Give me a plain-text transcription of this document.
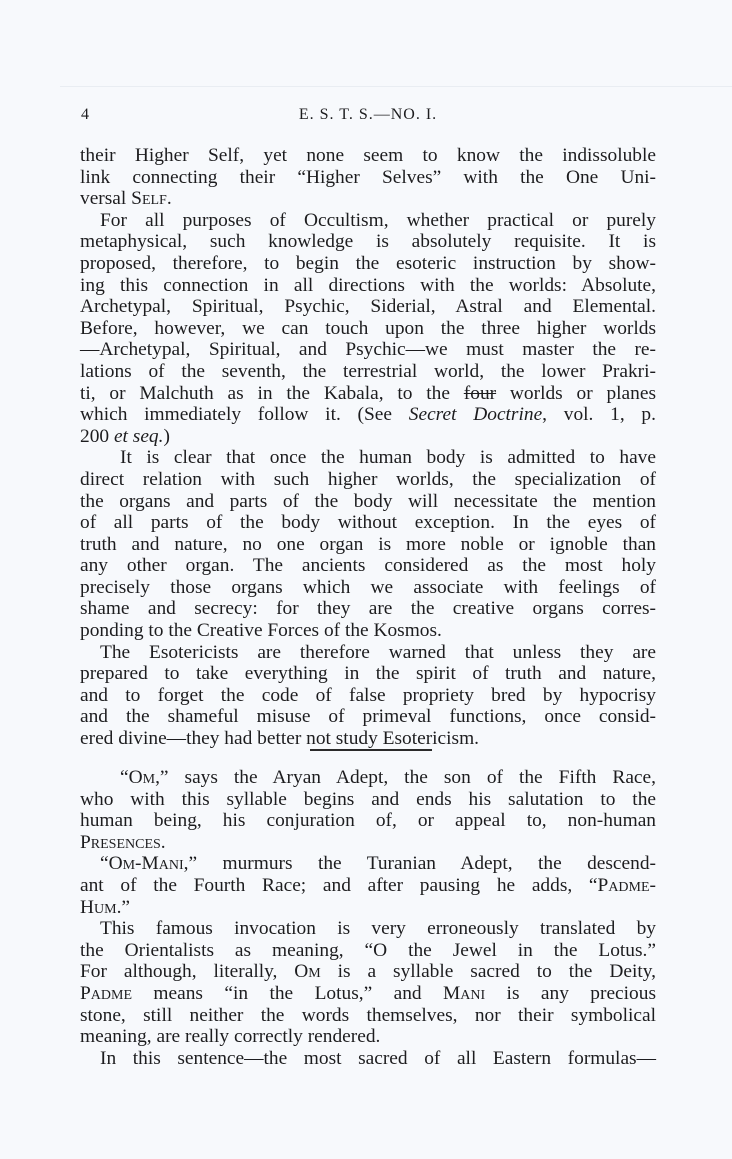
4	E. S. T. S.—NO. I.
their Higher Self, yet none seem to know the indissoluble
link connecting their “Higher Selves” with the One Uni-
versal Self.
For all purposes of Occultism, whether practical or purely
metaphysical, such knowledge is absolutely requisite. It is
proposed, therefore, to begin the esoteric instruction by show-
ing this connection in all directions with the worlds: Absolute,
Archetypal, Spiritual, Psychic, Siderial, Astral and Elemental.
Before, however, we can touch upon the three higher worlds
—Archetypal, Spiritual, and Psychic—we must master the re-
lations of the seventh, the terrestrial world, the lower Prakri-
ti, or Malchuth as in the Kabala, to the four worlds or planes
which immediately follow it. (See Secret Doctrine, vol. 1, p.
200 et seq.)
It is clear that once the human body is admitted to have
direct relation with such higher worlds, the specialization of
the organs and parts of the body will necessitate the mention
of all parts of the body without exception. In the eyes of
truth and nature, no one organ is more noble or ignoble than
any other organ. The ancients considered as the most holy
precisely those organs which we associate with feelings of
shame and secrecy: for they are the creative organs corres-
ponding to the Creative Forces of the Kosmos.
The Esotericists are therefore warned that unless they are
prepared to take everything in the spirit of truth and nature,
and to forget the code of false propriety bred by hypocrisy
and the shameful misuse of primeval functions, once consid-
ered divine—they had better not study Esotericism.
“Om,” says the Aryan Adept, the son of the Fifth Race,
who with this syllable begins and ends his salutation to the
human being, his conjuration of, or appeal to, non-human
Presences.
“Om-Mani,” murmurs the Turanian Adept, the descend-
ant of the Fourth Race; and after pausing he adds, “Padme-
Hum.”
This famous invocation is very erroneously translated by
the Orientalists as meaning, “O the Jewel in the Lotus.”
For although, literally, Om is a syllable sacred to the Deity,
Padme means “in the Lotus,” and Mani is any precious
stone, still neither the words themselves, nor their symbolical
meaning, are really correctly rendered.
In this sentence—the most sacred of all Eastern formulas—
